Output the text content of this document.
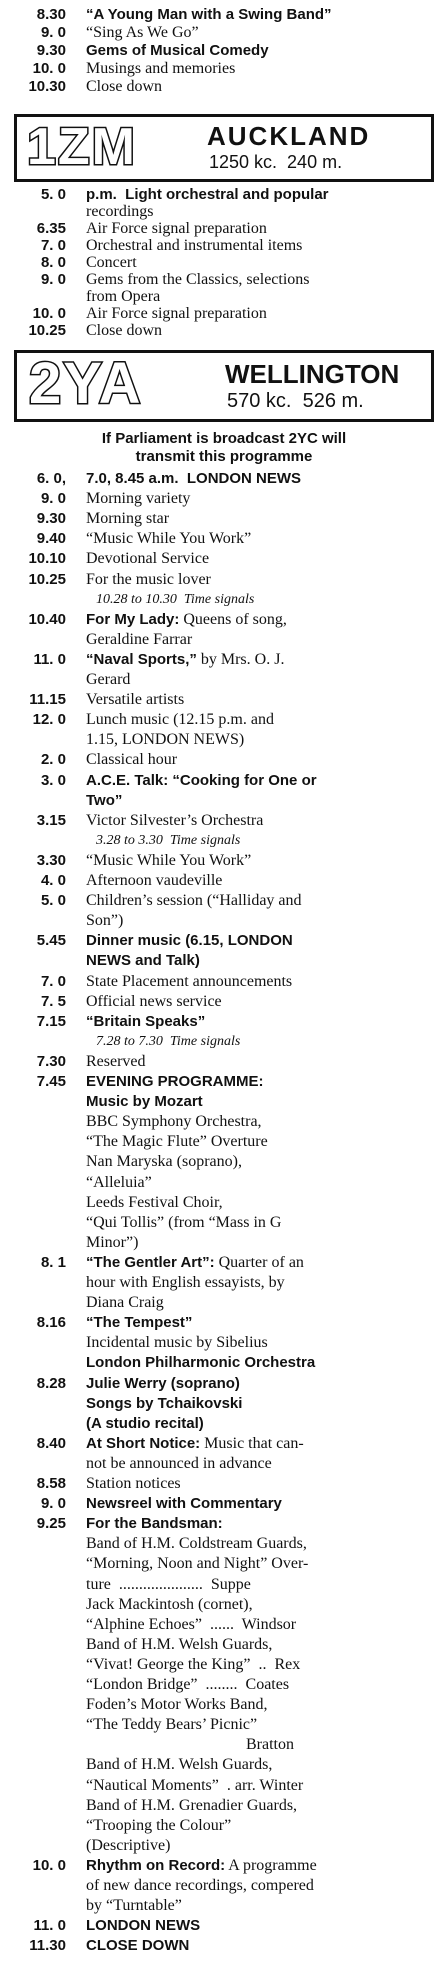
8.30 “A Young Man with a Swing Band”
9. 0 “Sing As We Go”
9.30 Gems of Musical Comedy
10. 0 Musings and memories
10.30 Close down
1ZM	AUCKLAND
1250 kc.  240 m.
5. 0 p.m.  Light orchestral and popular
recordings
6.35 Air Force signal preparation
7. 0 Orchestral and instrumental items
8. 0 Concert
9. 0 Gems from the Classics, selections
from Opera
10. 0 Air Force signal preparation
10.25 Close down
2YA	WELLINGTON
570 kc.  526 m.
If Parliament is broadcast 2YC will
transmit this programme
6. 0, 7.0, 8.45 a.m.  LONDON NEWS
9. 0 Morning variety
9.30 Morning star
9.40 “Music While You Work”
10.10 Devotional Service
10.25 For the music lover
10.28 to 10.30  Time signals
10.40 For My Lady: Queens of song,
Geraldine Farrar
11. 0 “Naval Sports,” by Mrs. O. J.
Gerard
11.15 Versatile artists
12. 0 Lunch music (12.15 p.m. and
1.15, LONDON NEWS)
2. 0 Classical hour
3. 0 A.C.E. Talk: “Cooking for One or
Two”
3.15 Victor Silvester’s Orchestra
3.28 to 3.30  Time signals
3.30 “Music While You Work”
4. 0 Afternoon vaudeville
5. 0 Children’s session (“Halliday and
Son”)
5.45 Dinner music (6.15, LONDON
NEWS and Talk)
7. 0 State Placement announcements
7. 5 Official news service
7.15 “Britain Speaks”
7.28 to 7.30  Time signals
7.30 Reserved
7.45 EVENING PROGRAMME:
Music by Mozart
BBC Symphony Orchestra,
“The Magic Flute” Overture
Nan Maryska (soprano),
“Alleluia”
Leeds Festival Choir,
“Qui Tollis” (from “Mass in G
Minor”)
8. 1 “The Gentler Art”: Quarter of an
hour with English essayists, by
Diana Craig
8.16 “The Tempest”
Incidental music by Sibelius
London Philharmonic Orchestra
8.28 Julie Werry (soprano)
Songs by Tchaikovski
(A studio recital)
8.40 At Short Notice: Music that can-
not be announced in advance
8.58 Station notices
9. 0 Newsreel with Commentary
9.25 For the Bandsman:
Band of H.M. Coldstream Guards,
“Morning, Noon and Night” Over-
ture  .....................  Suppe
Jack Mackintosh (cornet),
“Alphine Echoes”  ......  Windsor
Band of H.M. Welsh Guards,
“Vivat! George the King”  ..  Rex
“London Bridge”  ........  Coates
Foden’s Motor Works Band,
“The Teddy Bears’ Picnic”
Bratton
Band of H.M. Welsh Guards,
“Nautical Moments”  . arr. Winter
Band of H.M. Grenadier Guards,
“Trooping the Colour”
(Descriptive)
10. 0 Rhythm on Record: A programme
of new dance recordings, compered
by “Turntable”
11. 0 LONDON NEWS
11.30 CLOSE DOWN
